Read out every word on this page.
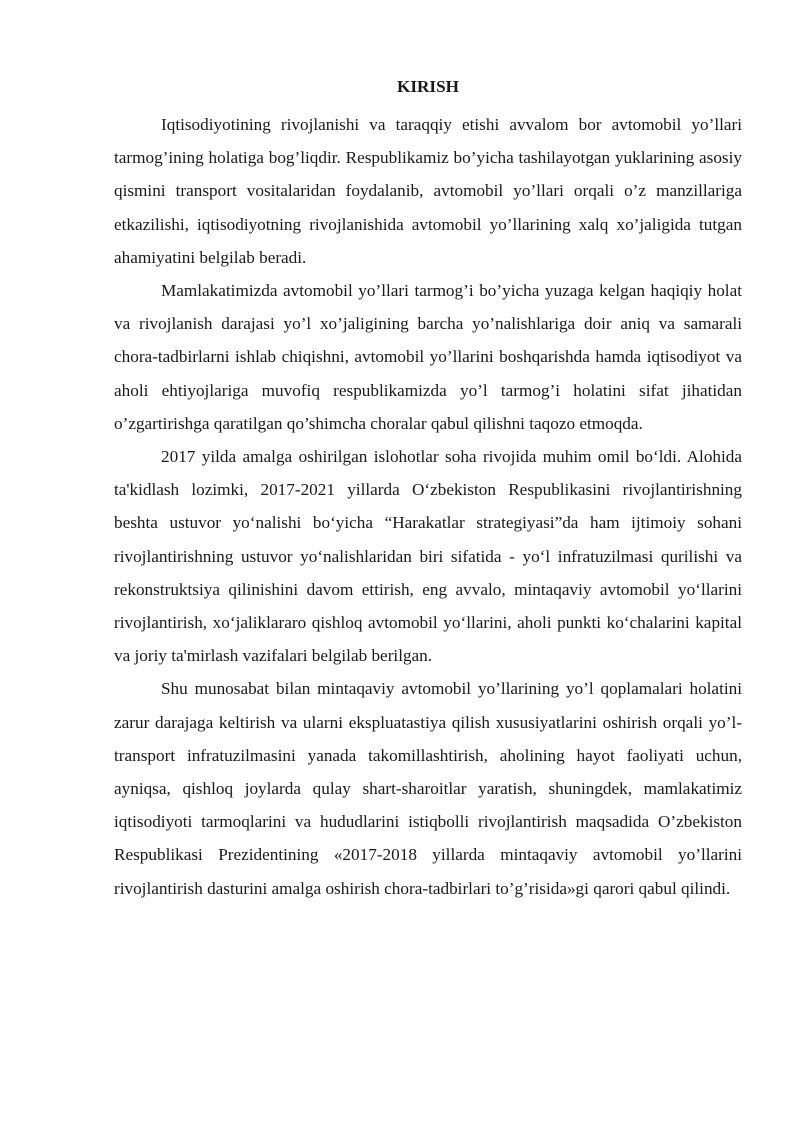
KIRISH

Iqtisodiyotining rivojlanishi va taraqqiy etishi avvalom bor avtomobil yo’llari tarmog’ining holatiga bog’liqdir. Respublikamiz bo’yicha tashilayotgan yuklarining asosiy qismini transport vositalaridan foydalanib, avtomobil yo’llari orqali o’z manzillariga etkazilishi, iqtisodiyotning rivojlanishida avtomobil yo’llarining xalq xo’jaligida tutgan ahamiyatini belgilab beradi.

Mamlakatimizda avtomobil yo’llari tarmog’i bo’yicha yuzaga kelgan haqiqiy holat va rivojlanish darajasi yo’l xo’jaligining barcha yo’nalishlariga doir aniq va samarali chora-tadbirlarni ishlab chiqishni, avtomobil yo’llarini boshqarishda hamda iqtisodiyot va aholi ehtiyojlariga muvofiq respublikamizda yo’l tarmog’i holatini sifat jihatidan o’zgartirishga qaratilgan qo’shimcha choralar qabul qilishni taqozo etmoqda.

2017 yilda amalga oshirilgan islohotlar soha rivojida muhim omil bo‘ldi. Alohida ta'kidlash lozimki, 2017-2021 yillarda O‘zbekiston Respublikasini rivojlantirishning beshta ustuvor yo‘nalishi bo‘yicha “Harakatlar strategiyasi”da ham ijtimoiy sohani rivojlantirishning ustuvor yo‘nalishlaridan biri sifatida - yo‘l infratuzilmasi qurilishi va rekonstruktsiya qilinishini davom ettirish, eng avvalo, mintaqaviy avtomobil yo‘llarini rivojlantirish, xo‘jaliklararo qishloq avtomobil yo‘llarini, aholi punkti ko‘chalarini kapital va joriy ta'mirlash vazifalari belgilab berilgan.

Shu munosabat bilan mintaqaviy avtomobil yo’llarining yo’l qoplamalari holatini zarur darajaga keltirish va ularni ekspluatastiya qilish xususiyatlarini oshirish orqali yo’l-transport infratuzilmasini yanada takomillashtirish, aholining hayot faoliyati uchun, ayniqsa, qishloq joylarda qulay shart-sharoitlar yaratish, shuningdek, mamlakatimiz iqtisodiyoti tarmoqlarini va hududlarini istiqbolli rivojlantirish maqsadida O’zbekiston Respublikasi Prezidentining «2017-2018 yillarda mintaqaviy avtomobil yo’llarini rivojlantirish dasturini amalga oshirish chora-tadbirlari to’g’risida»gi qarori qabul qilindi.
